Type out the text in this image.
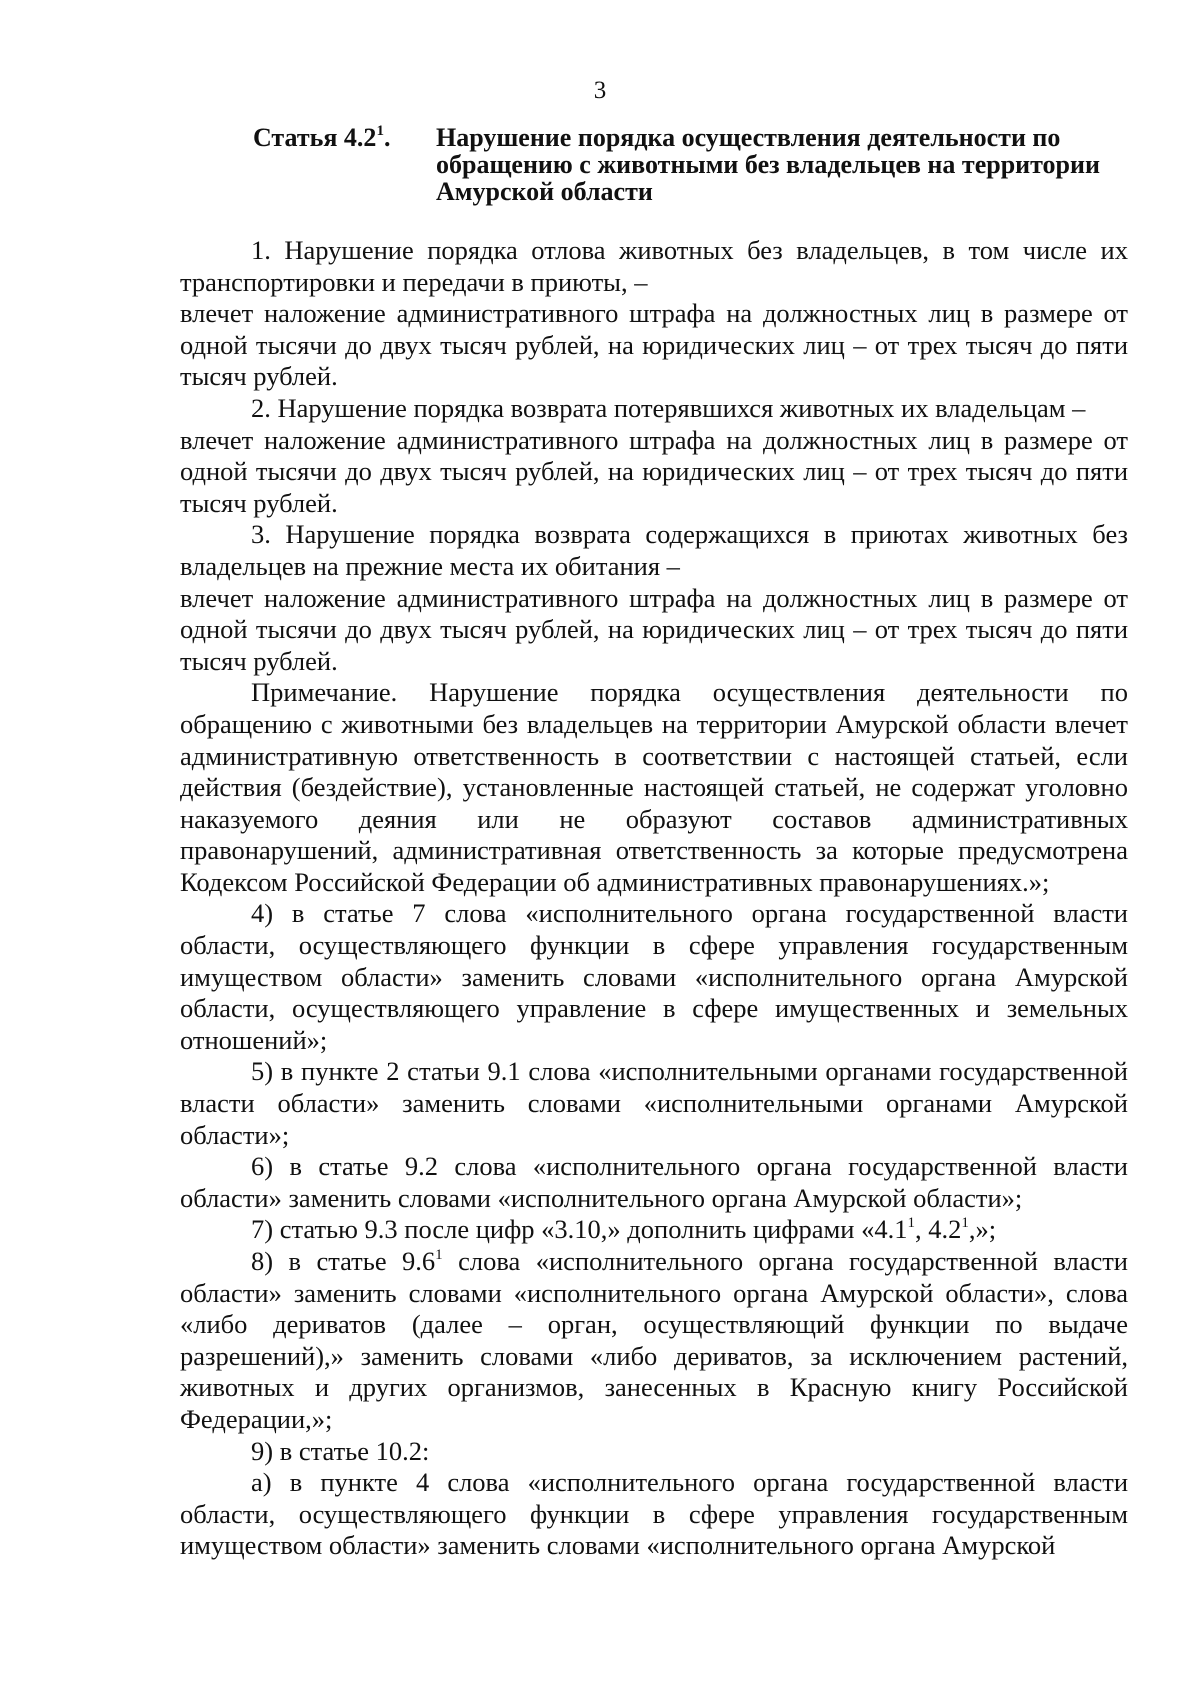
3
Статья $4.2^1$.	Нарушение порядка осуществления деятельности по обращению с животными без владельцев на территории Амурской области

1. Нарушение порядка отлова животных без владельцев, в том числе их транспортировки и передачи в приюты, –

влечет наложение административного штрафа на должностных лиц в размере от одной тысячи до двух тысяч рублей, на юридических лиц – от трех тысяч до пяти тысяч рублей.

2. Нарушение порядка возврата потерявшихся животных их владельцам –

влечет наложение административного штрафа на должностных лиц в размере от одной тысячи до двух тысяч рублей, на юридических лиц – от трех тысяч до пяти тысяч рублей.

3. Нарушение порядка возврата содержащихся в приютах животных без владельцев на прежние места их обитания –

влечет наложение административного штрафа на должностных лиц в размере от одной тысячи до двух тысяч рублей, на юридических лиц – от трех тысяч до пяти тысяч рублей.

Примечание. Нарушение порядка осуществления деятельности по обращению с животными без владельцев на территории Амурской области влечет административную ответственность в соответствии с настоящей статьей, если действия (бездействие), установленные настоящей статьей, не содержат уголовно наказуемого деяния или не образуют составов административных правонарушений, административная ответственность за которые предусмотрена Кодексом Российской Федерации об административных правонарушениях.»;

4) в статье 7 слова «исполнительного органа государственной власти области, осуществляющего функции в сфере управления государственным имуществом области» заменить словами «исполнительного органа Амурской области, осуществляющего управление в сфере имущественных и земельных отношений»;

5) в пункте 2 статьи 9.1 слова «исполнительными органами государственной власти области» заменить словами «исполнительными органами Амурской области»;

6) в статье 9.2 слова «исполнительного органа государственной власти области» заменить словами «исполнительного органа Амурской области»;

7) статью 9.3 после цифр «3.10,» дополнить цифрами «$4.1^1$, $4.2^1$,»;

8) в статье $9.6^1$ слова «исполнительного органа государственной власти области» заменить словами «исполнительного органа Амурской области», слова «либо дериватов (далее – орган, осуществляющий функции по выдаче разрешений),» заменить словами «либо дериватов, за исключением растений, животных и других организмов, занесенных в Красную книгу Российской Федерации,»;

9) в статье 10.2:

а) в пункте 4 слова «исполнительного органа государственной власти области, осуществляющего функции в сфере управления государственным имуществом области» заменить словами «исполнительного органа Амурской
